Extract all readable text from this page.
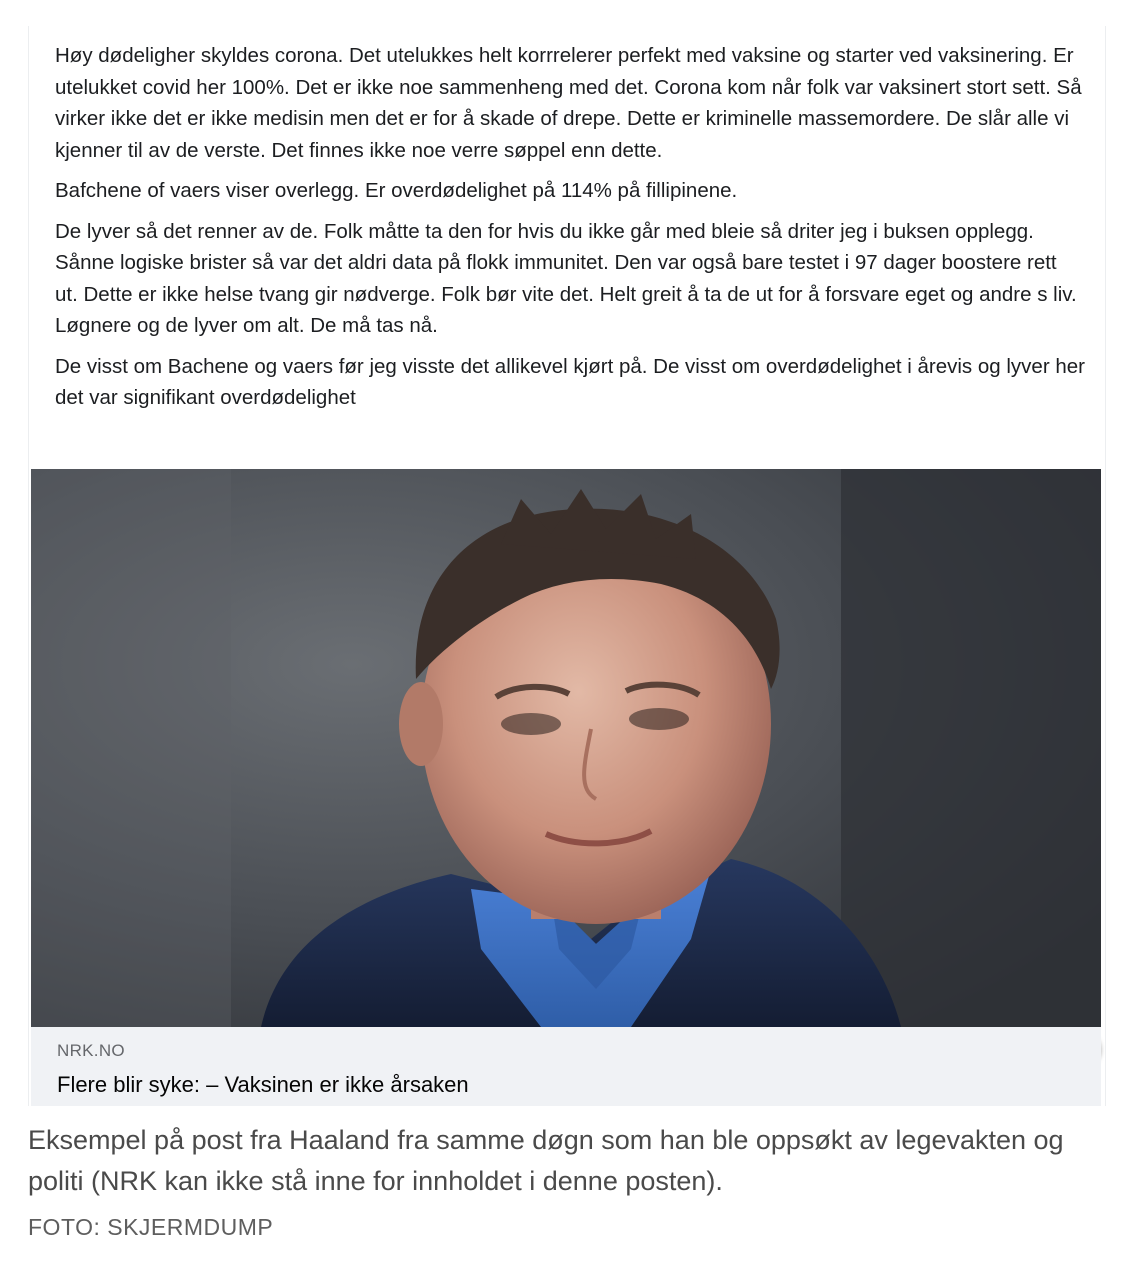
Høy dødeligher skyldes corona. Det utelukkes helt korrrelerer perfekt med vaksine og starter ved vaksinering. Er utelukket covid her 100%. Det er ikke noe sammenheng med det. Corona kom når folk var vaksinert stort sett. Så virker ikke det er ikke medisin men det er for å skade of drepe. Dette er kriminelle massemordere. De slår alle vi kjenner til av de verste. Det finnes ikke noe verre søppel enn dette.

Bafchene of vaers viser overlegg. Er overdødelighet på 114% på fillipinene.

De lyver så det renner av de. Folk måtte ta den for hvis du ikke går med bleie så driter jeg i buksen opplegg. Sånne logiske brister så var det aldri data på flokk immunitet. Den var også bare testet i 97 dager boostere rett ut. Dette er ikke helse tvang gir nødverge. Folk bør vite det. Helt greit å ta de ut for å forsvare eget og andre s liv. Løgnere og de lyver om alt. De må tas nå.

De visst om Bachene og vaers før jeg visste det allikevel kjørt på. De visst om overdødelighet i årevis og lyver her det var signifikant overdødelighet

NRK.NO
Flere blir syke: – Vaksinen er ikke årsaken
Eksempel på post fra Haaland fra samme døgn som han ble oppsøkt av legevakten og politi (NRK kan ikke stå inne for innholdet i denne posten).
FOTO: SKJERMDUMP
